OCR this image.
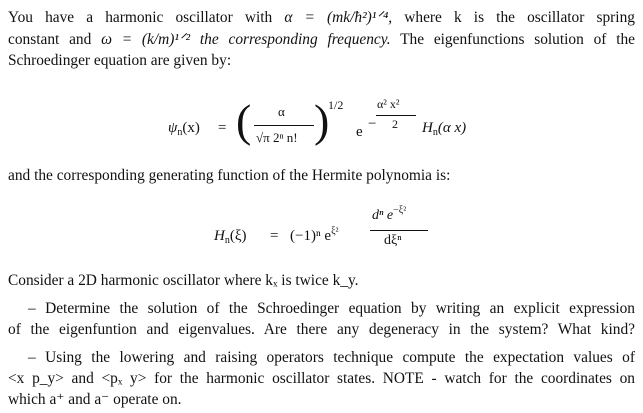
You have a harmonic oscillator with α = (mk/ħ²)¹ᐟ⁴, where k is the oscillator spring
constant and ω = (k/m)¹ᐟ² the corresponding frequency. The eigenfunctions solution of the
Schroedinger equation are given by:
$\psi_n(x)$ = ( α
√π 2ⁿ n! )
1/2
e −
α² x²
2 $H_n(\alpha$ x)
and the corresponding generating function of the Hermite polynomia is:
$H_n(\xi) = (-1)^n$ $e^{\xi^2}$
dⁿ $e^{-\xi^2}$
dξⁿ
Consider a 2D harmonic oscillator where kₓ is twice k_y.
– Determine the solution of the Schroedinger equation by writing an explicit expression
of the eigenfuntion and eigenvalues. Are there any degeneracy in the system? What kind?
– Using the lowering and raising operators technique compute the expectation values of
<x p_y> and <pₓ y> for the harmonic oscillator states. NOTE - watch for the coordinates on
which a⁺ and a⁻ operate on.
